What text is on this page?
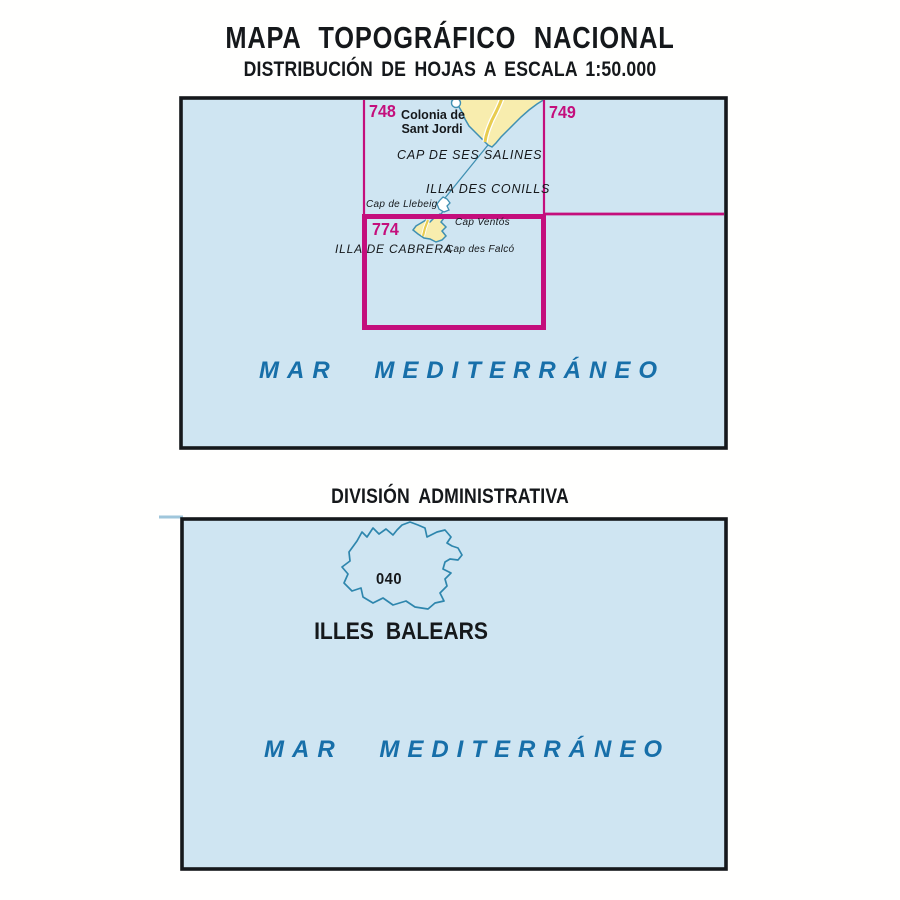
MAPA TOPOGRÁFICO NACIONAL
DISTRIBUCIÓN DE HOJAS A ESCALA 1:50.000
748	749
774
Colonia de
Sant Jordi
CAP DE SES SALINES
ILLA DES CONILLS
Cap de Llebeig
Cap Ventós
ILLA DE CABRERA
Cap des Falcó
MAR MEDITERRÁNEO
DIVISIÓN ADMINISTRATIVA
040
ILLES BALEARS
MAR MEDITERRÁNEO
